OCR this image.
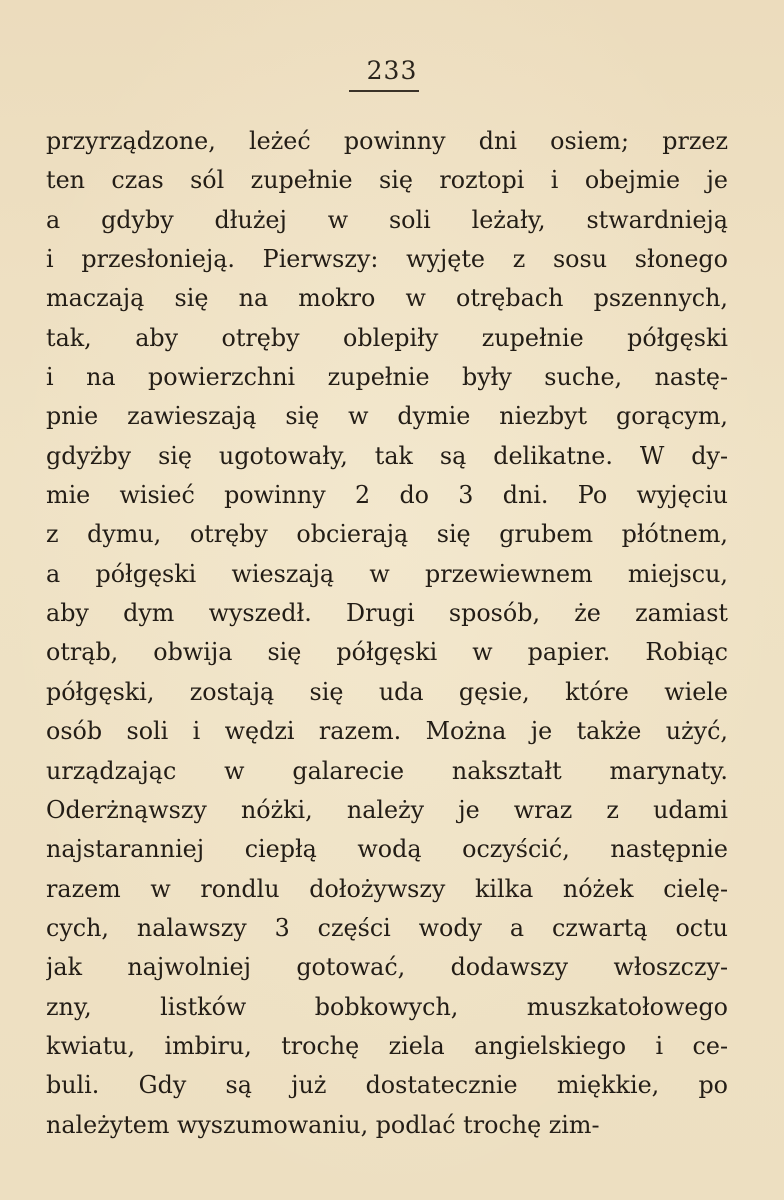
233
przyrządzone, leżeć powinny dni osiem; przez
ten czas sól zupełnie się roztopi i obejmie je
a gdyby dłużej w soli leżały, stwardnieją
i przesłonieją. Pierwszy: wyjęte z sosu słonego
maczają się na mokro w otrębach pszennych,
tak, aby otręby oblepiły zupełnie półgęski
i na powierzchni zupełnie były suche, nastę-
pnie zawieszają się w dymie niezbyt gorącym,
gdyżby się ugotowały, tak są delikatne. W dy-
mie wisieć powinny 2 do 3 dni. Po wyjęciu
z dymu, otręby obcierają się grubem płótnem,
a półgęski wieszają w przewiewnem miejscu,
aby dym wyszedł. Drugi sposób, że zamiast
otrąb, obwija się półgęski w papier. Robiąc
półgęski, zostają się uda gęsie, które wiele
osób soli i wędzi razem. Można je także użyć,
urządzając w galarecie nakształt marynaty.
Oderżnąwszy nóżki, należy je wraz z udami
najstaranniej ciepłą wodą oczyścić, następnie
razem w rondlu dołożywszy kilka nóżek cielę-
cych, nalawszy 3 części wody a czwartą octu
jak najwolniej gotować, dodawszy włoszczy-
zny, listków bobkowych, muszkatołowego
kwiatu, imbiru, trochę ziela angielskiego i ce-
buli. Gdy są już dostatecznie miękkie, po
należytem wyszumowaniu, podlać trochę zim-
